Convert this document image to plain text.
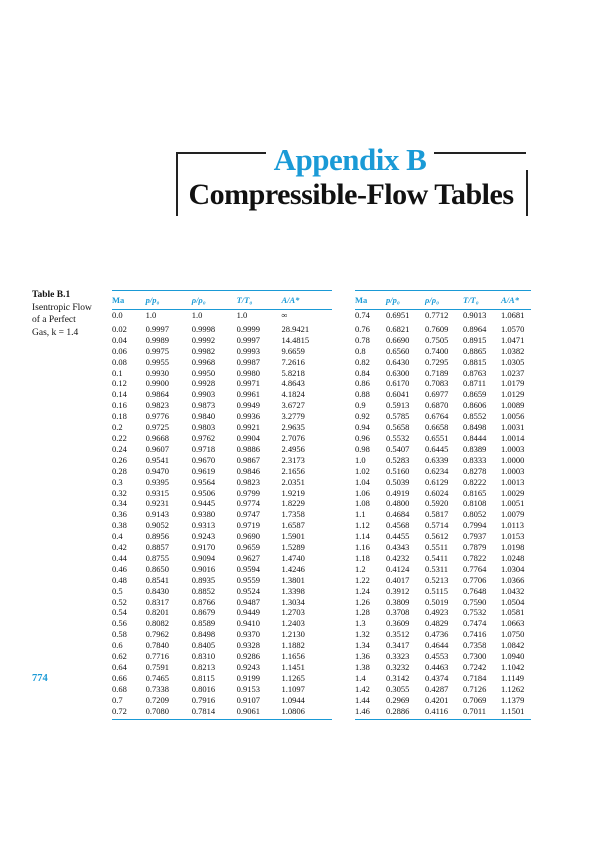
Appendix B
Compressible-Flow Tables
Table B.1
Isentropic Flow
of a Perfect
Gas, k = 1.4
Ma	p/p₀	ρ/ρ₀	T/T₀	A/A*
0.0	1.0	1.0	1.0	∞
0.02	0.9997	0.9998	0.9999	28.9421
0.04	0.9989	0.9992	0.9997	14.4815
0.06	0.9975	0.9982	0.9993	9.6659
0.08	0.9955	0.9968	0.9987	7.2616
0.1	0.9930	0.9950	0.9980	5.8218
0.12	0.9900	0.9928	0.9971	4.8643
0.14	0.9864	0.9903	0.9961	4.1824
0.16	0.9823	0.9873	0.9949	3.6727
0.18	0.9776	0.9840	0.9936	3.2779
0.2	0.9725	0.9803	0.9921	2.9635
0.22	0.9668	0.9762	0.9904	2.7076
0.24	0.9607	0.9718	0.9886	2.4956
0.26	0.9541	0.9670	0.9867	2.3173
0.28	0.9470	0.9619	0.9846	2.1656
0.3	0.9395	0.9564	0.9823	2.0351
0.32	0.9315	0.9506	0.9799	1.9219
0.34	0.9231	0.9445	0.9774	1.8229
0.36	0.9143	0.9380	0.9747	1.7358
0.38	0.9052	0.9313	0.9719	1.6587
0.4	0.8956	0.9243	0.9690	1.5901
0.42	0.8857	0.9170	0.9659	1.5289
0.44	0.8755	0.9094	0.9627	1.4740
0.46	0.8650	0.9016	0.9594	1.4246
0.48	0.8541	0.8935	0.9559	1.3801
0.5	0.8430	0.8852	0.9524	1.3398
0.52	0.8317	0.8766	0.9487	1.3034
0.54	0.8201	0.8679	0.9449	1.2703
0.56	0.8082	0.8589	0.9410	1.2403
0.58	0.7962	0.8498	0.9370	1.2130
0.6	0.7840	0.8405	0.9328	1.1882
0.62	0.7716	0.8310	0.9286	1.1656
0.64	0.7591	0.8213	0.9243	1.1451
0.66	0.7465	0.8115	0.9199	1.1265
0.68	0.7338	0.8016	0.9153	1.1097
0.7	0.7209	0.7916	0.9107	1.0944
0.72	0.7080	0.7814	0.9061	1.0806
Ma	p/p₀	ρ/ρ₀	T/T₀	A/A*
0.74	0.6951	0.7712	0.9013	1.0681
0.76	0.6821	0.7609	0.8964	1.0570
0.78	0.6690	0.7505	0.8915	1.0471
0.8	0.6560	0.7400	0.8865	1.0382
0.82	0.6430	0.7295	0.8815	1.0305
0.84	0.6300	0.7189	0.8763	1.0237
0.86	0.6170	0.7083	0.8711	1.0179
0.88	0.6041	0.6977	0.8659	1.0129
0.9	0.5913	0.6870	0.8606	1.0089
0.92	0.5785	0.6764	0.8552	1.0056
0.94	0.5658	0.6658	0.8498	1.0031
0.96	0.5532	0.6551	0.8444	1.0014
0.98	0.5407	0.6445	0.8389	1.0003
1.0	0.5283	0.6339	0.8333	1.0000
1.02	0.5160	0.6234	0.8278	1.0003
1.04	0.5039	0.6129	0.8222	1.0013
1.06	0.4919	0.6024	0.8165	1.0029
1.08	0.4800	0.5920	0.8108	1.0051
1.1	0.4684	0.5817	0.8052	1.0079
1.12	0.4568	0.5714	0.7994	1.0113
1.14	0.4455	0.5612	0.7937	1.0153
1.16	0.4343	0.5511	0.7879	1.0198
1.18	0.4232	0.5411	0.7822	1.0248
1.2	0.4124	0.5311	0.7764	1.0304
1.22	0.4017	0.5213	0.7706	1.0366
1.24	0.3912	0.5115	0.7648	1.0432
1.26	0.3809	0.5019	0.7590	1.0504
1.28	0.3708	0.4923	0.7532	1.0581
1.3	0.3609	0.4829	0.7474	1.0663
1.32	0.3512	0.4736	0.7416	1.0750
1.34	0.3417	0.4644	0.7358	1.0842
1.36	0.3323	0.4553	0.7300	1.0940
1.38	0.3232	0.4463	0.7242	1.1042
1.4	0.3142	0.4374	0.7184	1.1149
1.42	0.3055	0.4287	0.7126	1.1262
1.44	0.2969	0.4201	0.7069	1.1379
1.46	0.2886	0.4116	0.7011	1.1501
774
